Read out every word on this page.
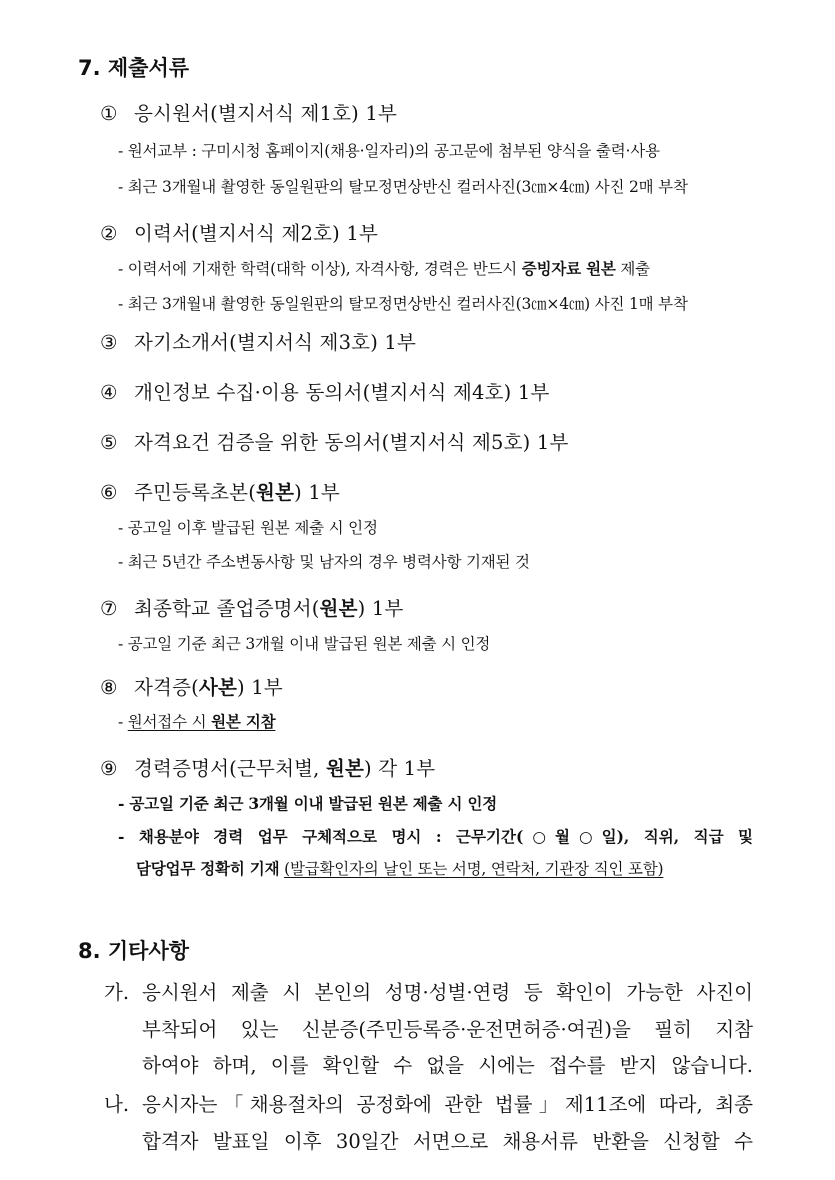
7. 제출서류
① 응시원서(별지서식 제1호) 1부
- 원서교부 : 구미시청 홈페이지(채용·일자리)의 공고문에 첨부된 양식을 출력·사용
- 최근 3개월내 촬영한 동일원판의 탈모정면상반신 컬러사진(3㎝×4㎝) 사진 2매 부착
② 이력서(별지서식 제2호) 1부
- 이력서에 기재한 학력(대학 이상), 자격사항, 경력은 반드시 증빙자료 원본 제출
- 최근 3개월내 촬영한 동일원판의 탈모정면상반신 컬러사진(3㎝×4㎝) 사진 1매 부착
③ 자기소개서(별지서식 제3호) 1부
④ 개인정보 수집·이용 동의서(별지서식 제4호) 1부
⑤ 자격요건 검증을 위한 동의서(별지서식 제5호) 1부
⑥ 주민등록초본(원본) 1부
- 공고일 이후 발급된 원본 제출 시 인정
- 최근 5년간 주소변동사항 및 남자의 경우 병력사항 기재된 것
⑦ 최종학교 졸업증명서(원본) 1부
- 공고일 기준 최근 3개월 이내 발급된 원본 제출 시 인정
⑧ 자격증(사본) 1부
- 원서접수 시 원본 지참
⑨ 경력증명서(근무처별, 원본) 각 1부
- 공고일 기준 최근 3개월 이내 발급된 원본 제출 시 인정
- 채용분야 경력 업무 구체적으로 명시 : 근무기간(○월○일), 직위, 직급 및
담당업무 정확히 기재 (발급확인자의 날인 또는 서명, 연락처, 기관장 직인 포함)
8. 기타사항
가. 응시원서 제출 시 본인의 성명·성별·연령 등 확인이 가능한 사진이
부착되어 있는 신분증(주민등록증·운전면허증·여권)을 필히 지참
하여야 하며, 이를 확인할 수 없을 시에는 접수를 받지 않습니다.
나. 응시자는「채용절차의 공정화에 관한 법률」제11조에 따라, 최종
합격자 발표일 이후 30일간 서면으로 채용서류 반환을 신청할 수
